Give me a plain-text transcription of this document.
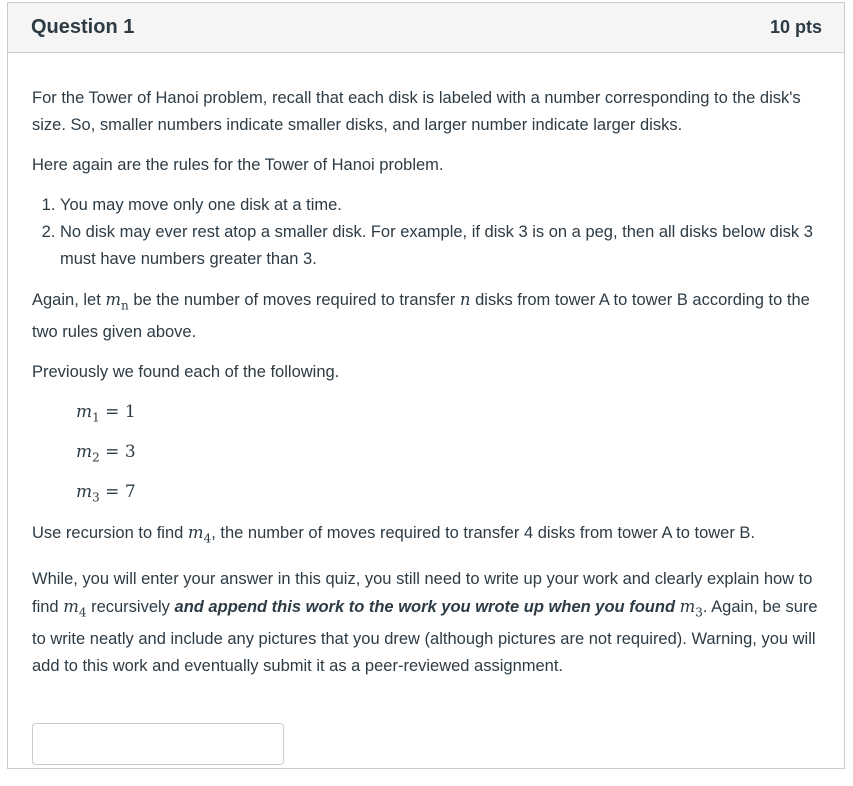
Question 1	10 pts

For the Tower of Hanoi problem, recall that each disk is labeled with a number corresponding to the disk's size. So, smaller numbers indicate smaller disks, and larger number indicate larger disks.

Here again are the rules for the Tower of Hanoi problem.

1. You may move only one disk at a time.
2. No disk may ever rest atop a smaller disk. For example, if disk 3 is on a peg, then all disks below disk 3 must have numbers greater than 3.

Again, let $m_n$ be the number of moves required to transfer n disks from tower A to tower B according to the two rules given above.

Previously we found each of the following.

$m_1 = 1$
$m_2 = 3$
$m_3 = 7$

Use recursion to find $m_4$, the number of moves required to transfer 4 disks from tower A to tower B.

While, you will enter your answer in this quiz, you still need to write up your work and clearly explain how to find $m_4$ recursively and append this work to the work you wrote up when you found $m_3$. Again, be sure to write neatly and include any pictures that you drew (although pictures are not required). Warning, you will add to this work and eventually submit it as a peer-reviewed assignment.
